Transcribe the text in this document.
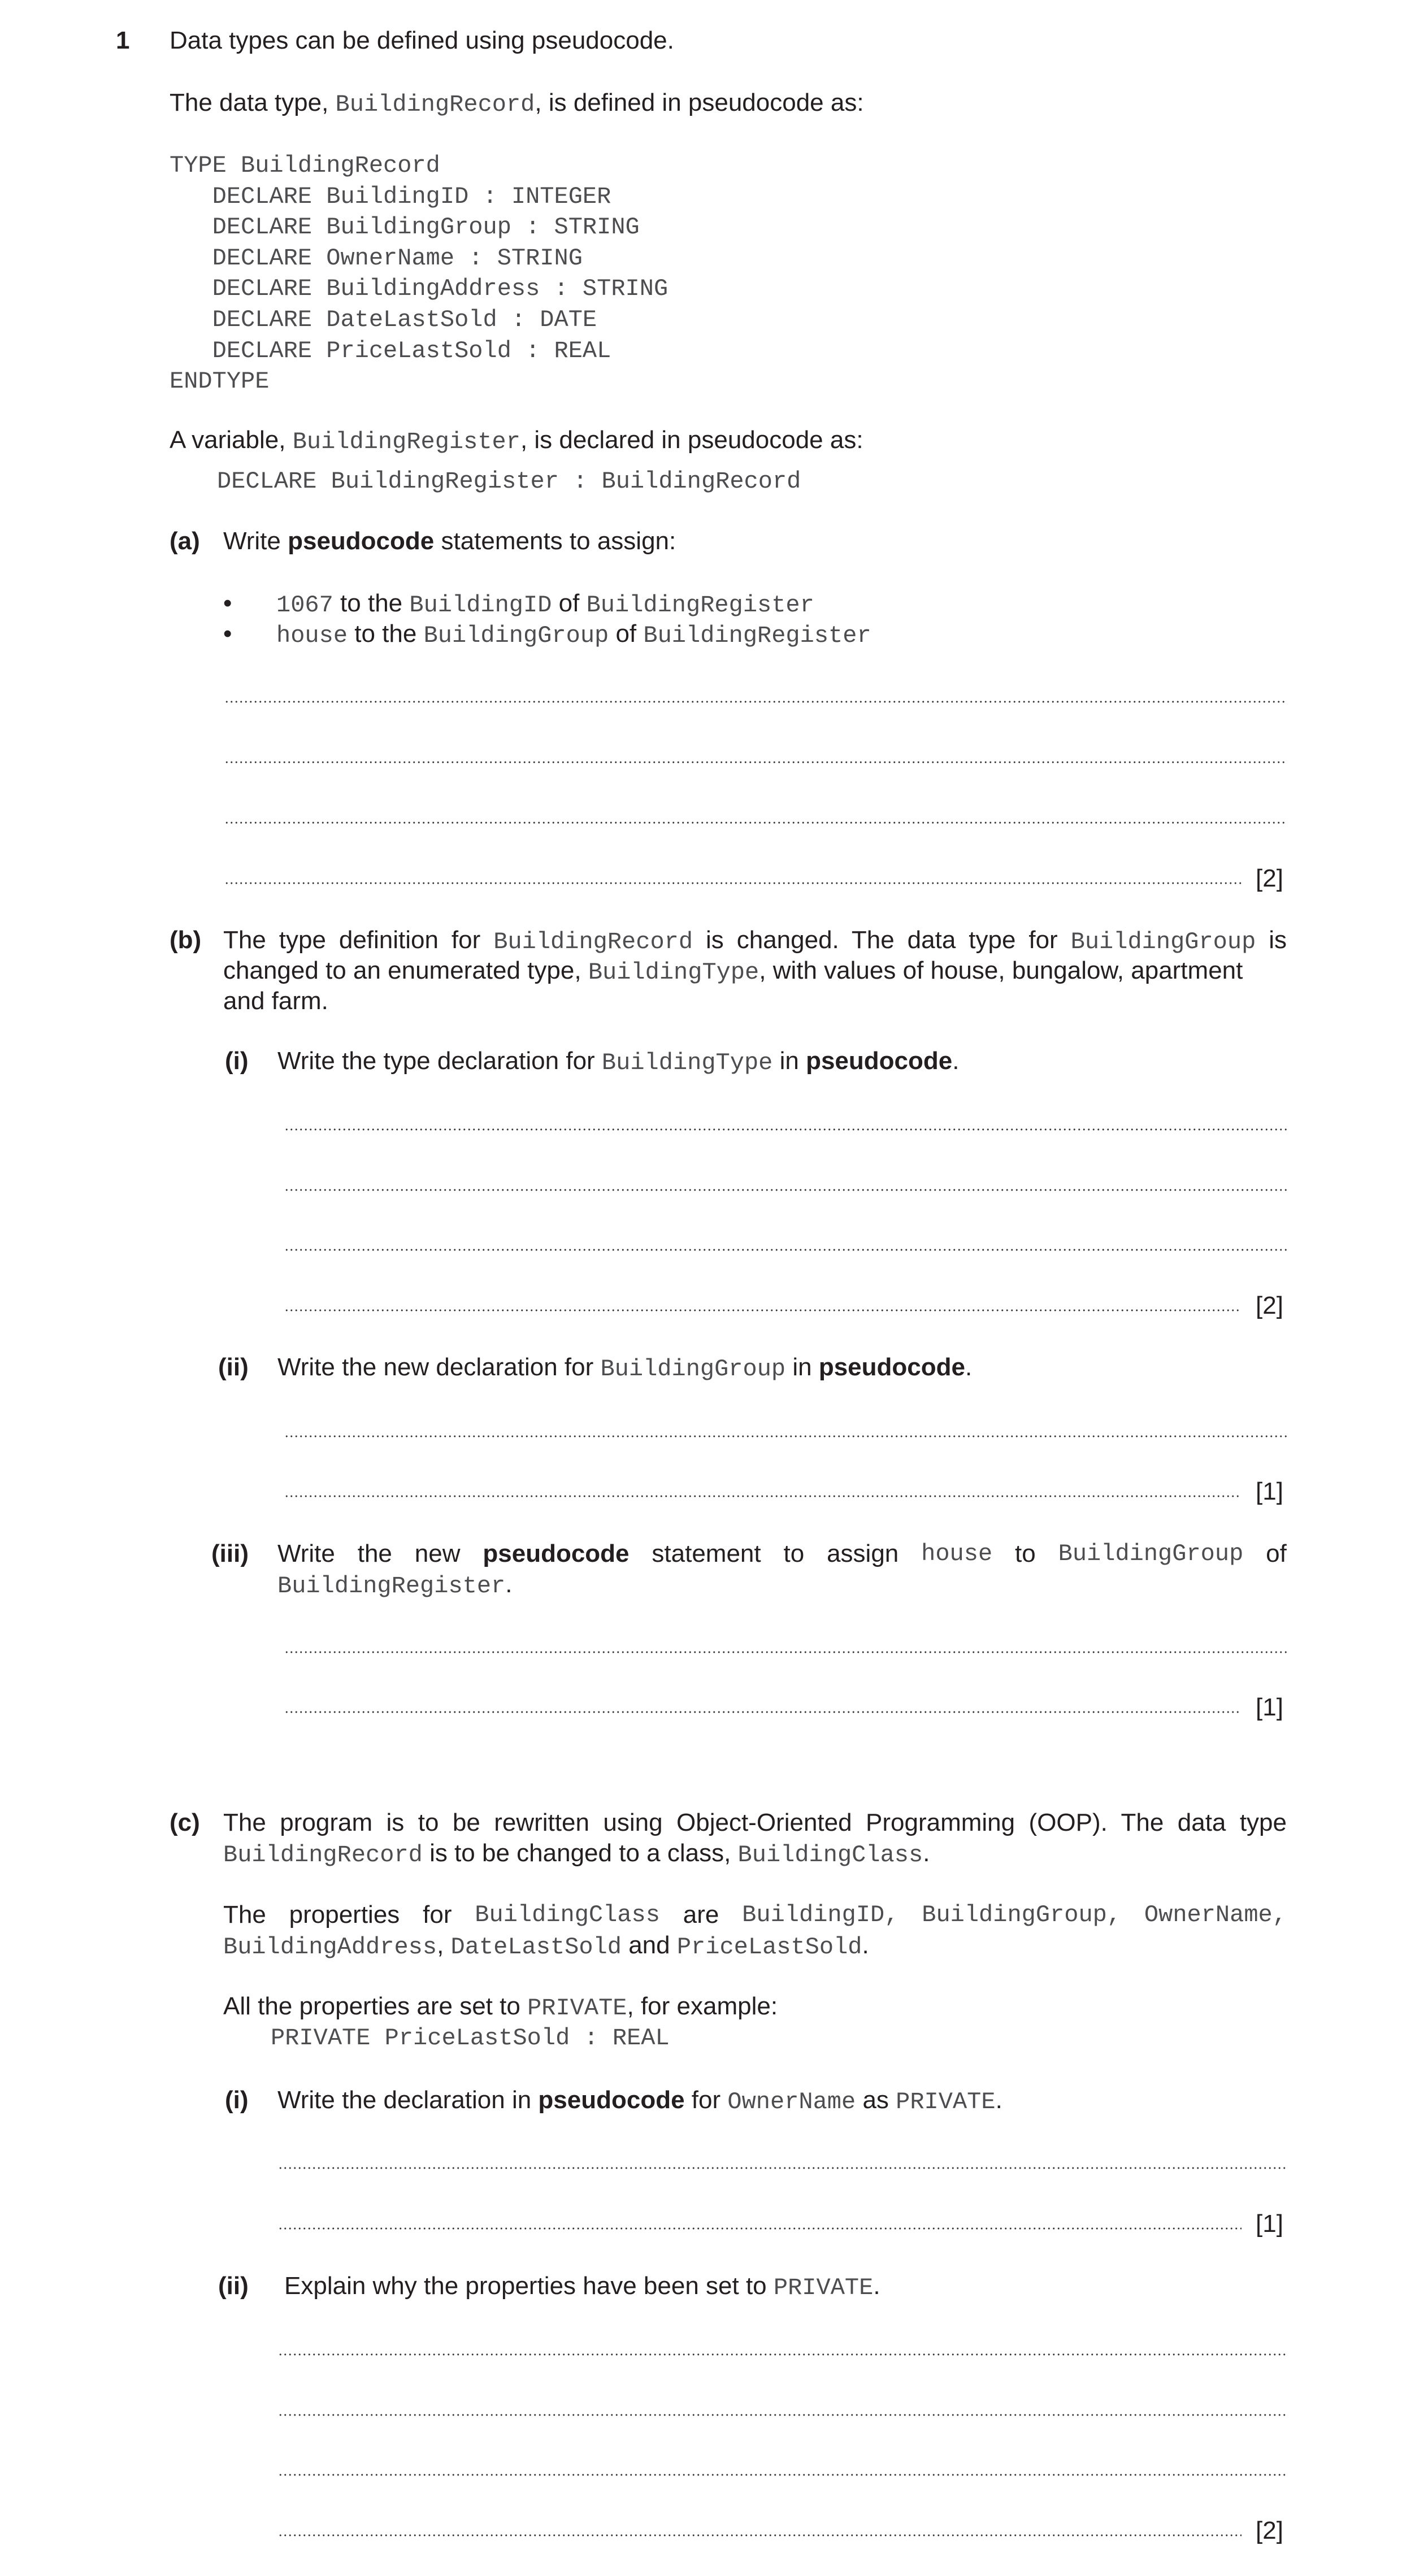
1 Data types can be defined using pseudocode.
The data type, BuildingRecord, is defined in pseudocode as:
TYPE BuildingRecord
DECLARE BuildingID : INTEGER
DECLARE BuildingGroup : STRING
DECLARE OwnerName : STRING
DECLARE BuildingAddress : STRING
DECLARE DateLastSold : DATE
DECLARE PriceLastSold : REAL
ENDTYPE
A variable, BuildingRegister, is declared in pseudocode as:
DECLARE BuildingRegister : BuildingRecord
(a) Write pseudocode statements to assign:
• 1067 to the BuildingID of BuildingRegister
• house to the BuildingGroup of BuildingRegister
[2]
(b) The type definition for BuildingRecord is changed. The data type for BuildingGroup is
changed to an enumerated type, BuildingType, with values of house, bungalow, apartment
and farm.
(i) Write the type declaration for BuildingType in pseudocode.
[2]
(ii) Write the new declaration for BuildingGroup in pseudocode.
[1]
(iii) Write the new pseudocode statement to assign house to BuildingGroup of
BuildingRegister.
[1]
(c) The program is to be rewritten using Object-Oriented Programming (OOP). The data type
BuildingRecord is to be changed to a class, BuildingClass.
The properties for BuildingClass are BuildingID, BuildingGroup, OwnerName,
BuildingAddress, DateLastSold and PriceLastSold.
All the properties are set to PRIVATE, for example:
PRIVATE PriceLastSold : REAL
(i) Write the declaration in pseudocode for OwnerName as PRIVATE.
[1]
(ii) Explain why the properties have been set to PRIVATE.
[2]
